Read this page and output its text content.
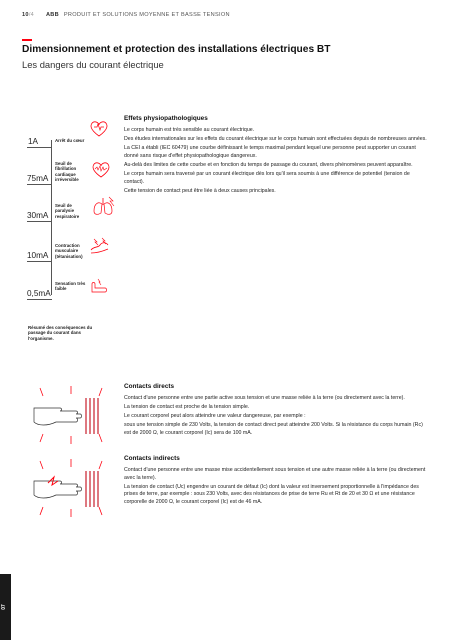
10/4 ABB PRODUIT ET SOLUTIONS MOYENNE ET BASSE TENSION
Dimensionnement et protection des installations électriques BT
Les dangers du courant électrique
Effets physiopathologiques
Le corps humain est très sensible au courant électrique.
Des études internationales sur les effets du courant électrique sur le corps humain sont effectuées depuis de nombreuses années.
La CEI a établi (IEC 60479) une courbe définissant le temps maximal pendant lequel une personne peut supporter un courant donné sans risque d'effet physiopathologique dangereux.
Au-delà des limites de cette courbe et en fonction du temps de passage du courant, divers phénomènes peuvent apparaître.
Le corps humain sera traversé par un courant électrique dès lors qu'il sera soumis à une différence de potentiel (tension de contact).
Cette tension de contact peut être liée à deux causes principales.
1A	Arrêt du cœur
75mA
Seuil de fibrillation cardiaque irréversible
30mA
Seuil de paralysie respiratoire
10mA
Contraction musculaire (tétanisation)
0,5mA
Sensation très faible
Résumé des conséquences du passage du courant dans l'organisme.
Contacts directs
Contact d'une personne entre une partie active sous tension et une masse reliée à la terre (ou directement avec la terre).
La tension de contact est proche de la tension simple.
Le courant corporel peut alors atteindre une valeur dangereuse, par exemple :
sous une tension simple de 230 Volts, la tension de contact direct peut atteindre 200 Volts. Si la résistance du corps humain (Rc) est de 2000 Ω, le courant corporel (Ic) sera de 100 mA.
Contacts indirects
Contact d'une personne entre une masse mise accidentellement sous tension et une autre masse reliée à la terre (ou directement avec la terre).
La tension de contact (Uc) engendre un courant de défaut (Ic) dont la valeur est inversement proportionnelle à l'impédance des prises de terre, par exemple : sous 230 Volts, avec des résistances de prise de terre Ru et Rt de 20 et 30 Ω et une résistance corporelle de 2000 Ω, le courant corporel (Ic) est de 46 mA.
07
